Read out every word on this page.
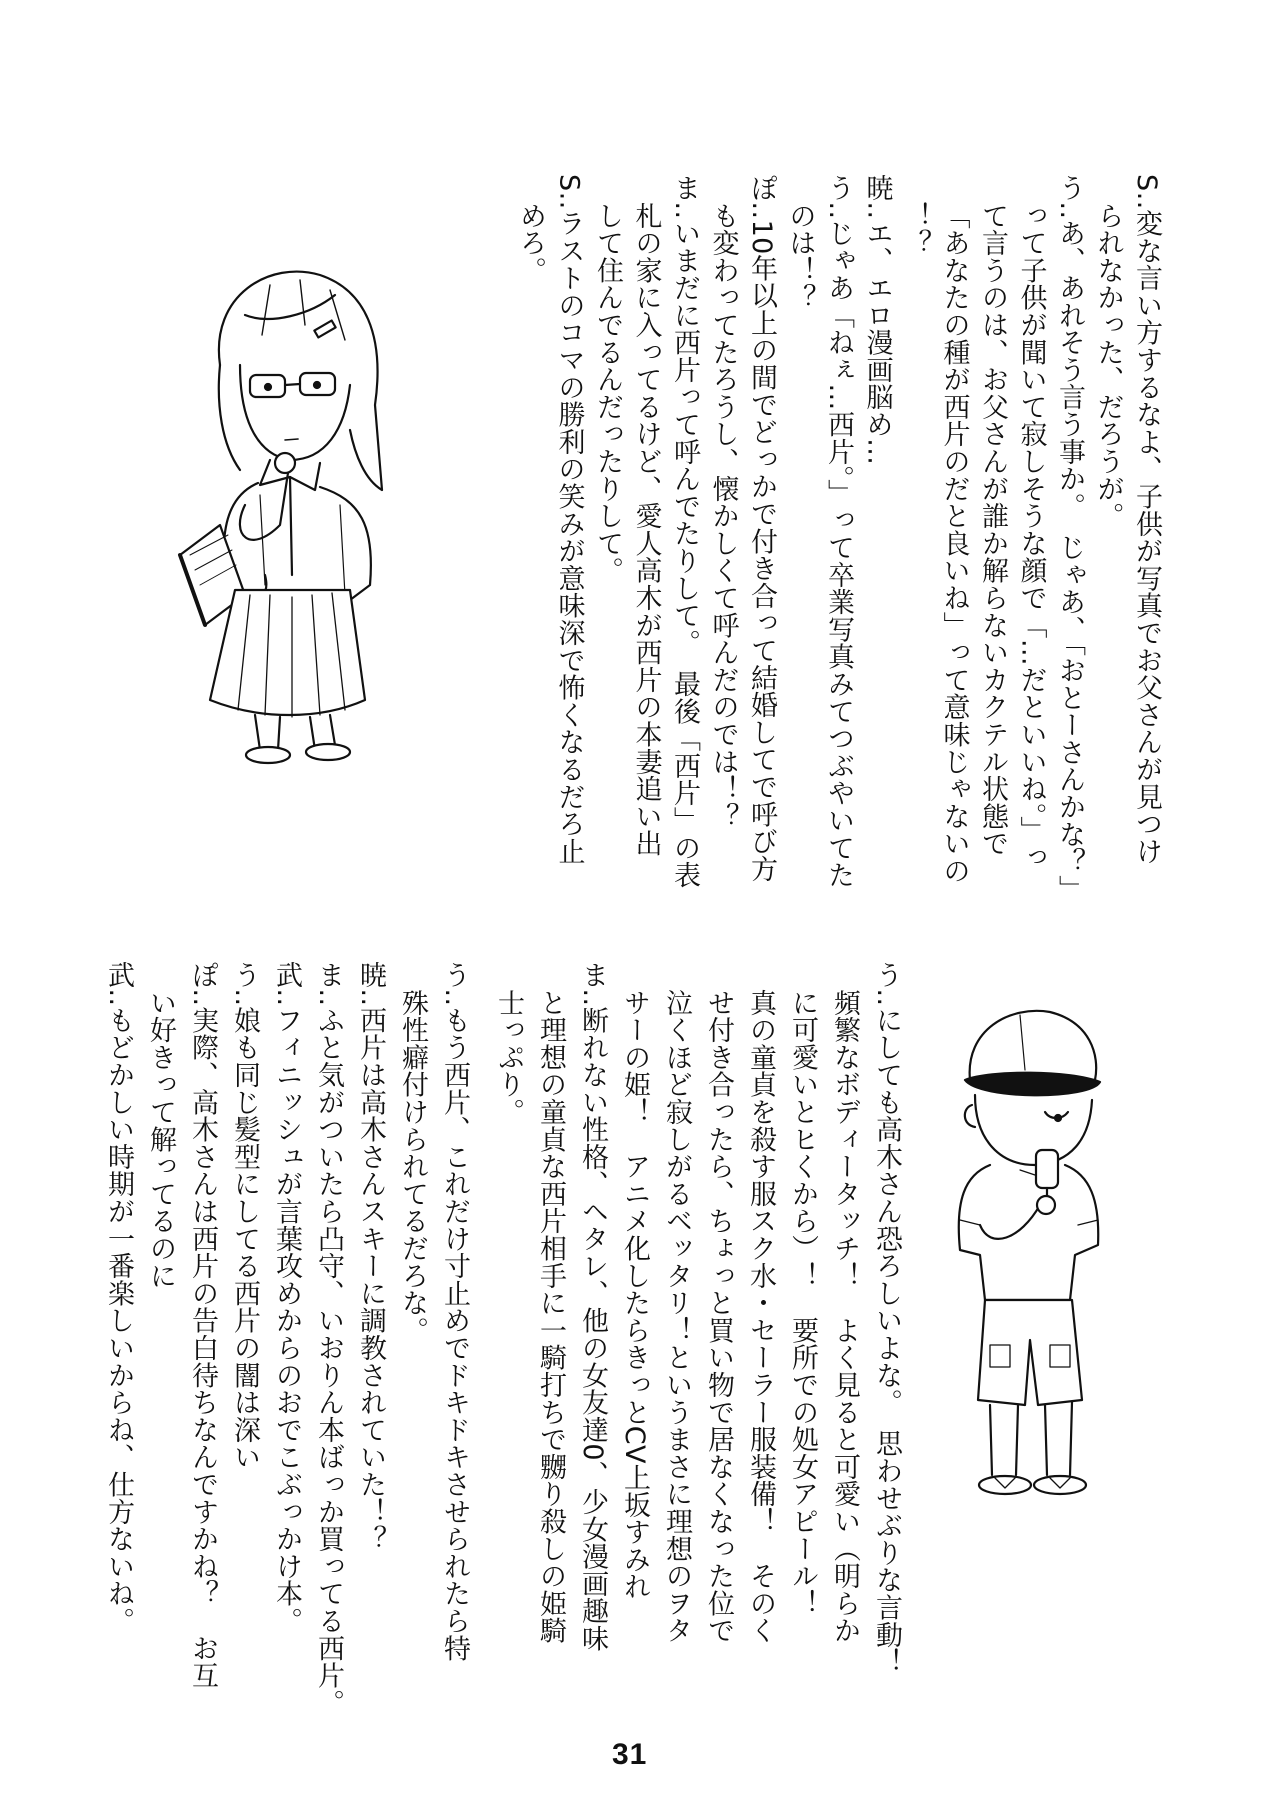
S‥変な言い方するなよ、子供が写真でお父さんが見つけ
られなかった、だろうが。
う‥あ、あれそう言う事か。　じゃあ、「おとーさんかな？」
って子供が聞いて寂しそうな顔で「…だといいね。」っ
て言うのは、お父さんが誰か解らないカクテル状態で
「あなたの種が西片のだと良いね」って意味じゃないの
！？
暁‥エ、エロ漫画脳め…
う‥じゃあ「ねぇ…西片。」って卒業写真みてつぶやいてた
のは！？
ぽ‥10年以上の間でどっかで付き合って結婚してで呼び方
も変わってたろうし、懐かしくて呼んだのでは！？
ま‥いまだに西片って呼んでたりして。　最後「西片」の表
札の家に入ってるけど、愛人高木が西片の本妻追い出
して住んでるんだったりして。
S‥ラストのコマの勝利の笑みが意味深で怖くなるだろ止
めろ。
う‥にしても高木さん恐ろしいよな。　思わせぶりな言動！
頻繁なボディータッチ！　よく見ると可愛い（明らか
に可愛いとヒくから）！　要所での処女アピール！
真の童貞を殺す服スク水・セーラー服装備！　そのく
せ付き合ったら、ちょっと買い物で居なくなった位で
泣くほど寂しがるベッタリ！というまさに理想のヲタ
サーの姫！　アニメ化したらきっとCV上坂すみれ
ま‥断れない性格、ヘタレ、他の女友達0、少女漫画趣味
と理想の童貞な西片相手に一騎打ちで嬲り殺しの姫騎
士っぷり。
う‥もう西片、これだけ寸止めでドキドキさせられたら特
殊性癖付けられてるだろな。
暁‥西片は高木さんスキーに調教されていた！？
ま‥ふと気がついたら凸守、いおりん本ばっか買ってる西片。
武‥フィニッシュが言葉攻めからのおでこぶっかけ本。
う‥娘も同じ髪型にしてる西片の闇は深い
ぽ‥実際、高木さんは西片の告白待ちなんですかね？　お互
い好きって解ってるのに
武‥もどかしい時期が一番楽しいからね、仕方ないね。
31
